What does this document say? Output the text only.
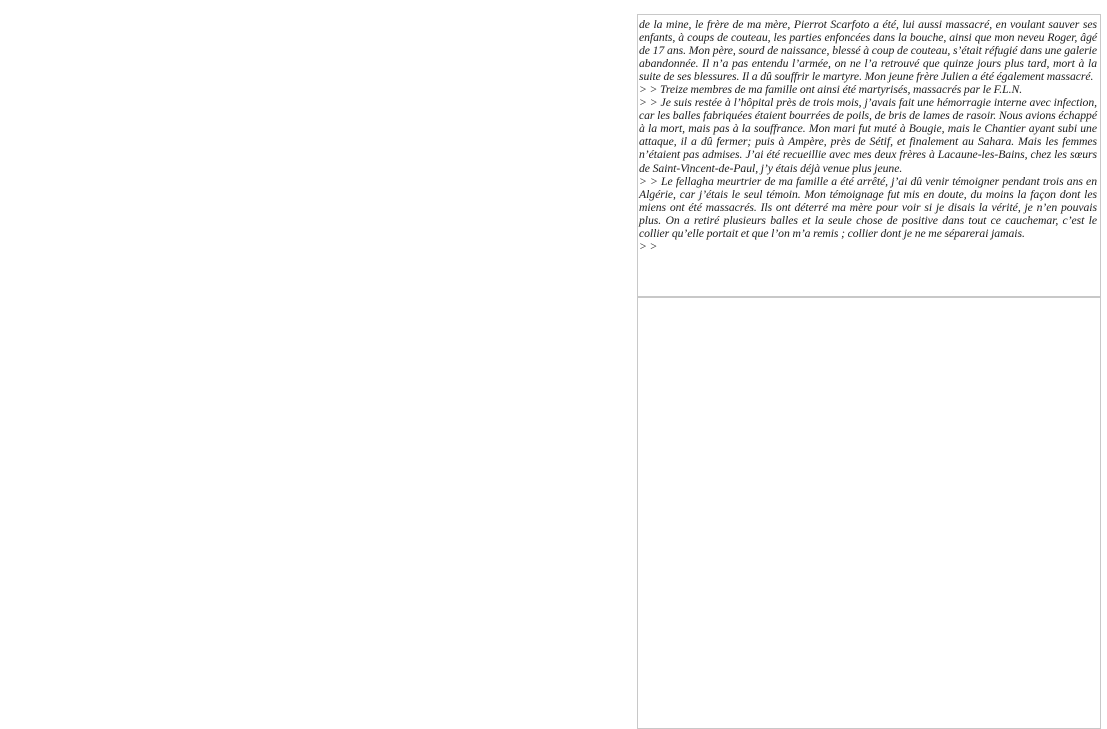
de la mine, le frère de ma mère, Pierrot Scarfoto a été, lui aussi massacré, en voulant sauver ses enfants, à coups de couteau, les parties enfoncées dans la bouche, ainsi que mon neveu Roger, âgé de 17 ans. Mon père, sourd de naissance, blessé à coup de couteau, s’était réfugié dans une galerie abandonnée. Il n’a pas entendu l’armée, on ne l’a retrouvé que quinze jours plus tard, mort à la suite de ses blessures. Il a dû souffrir le martyre. Mon jeune frère Julien a été également massacré.

> > Treize membres de ma famille ont ainsi été martyrisés, massacrés par le F.L.N.

> > Je suis restée à l’hôpital près de trois mois, j’avais fait une hémorragie interne avec infection, car les balles fabriquées étaient bourrées de poils, de bris de lames de rasoir. Nous avions échappé à la mort, mais pas à la souffrance. Mon mari fut muté à Bougie, mais le Chantier ayant subi une attaque, il a dû fermer; puis à Ampère, près de Sétif, et finalement au Sahara. Mais les femmes n’étaient pas admises. J’ai été recueillie avec mes deux frères à Lacaune-les-Bains, chez les sœurs de Saint-Vincent-de-Paul, j’y étais déjà venue plus jeune.

> > Le fellagha meurtrier de ma famille a été arrêté, j’ai dû venir témoigner pendant trois ans en Algérie, car j’étais le seul témoin. Mon témoignage fut mis en doute, du moins la façon dont les miens ont été massacrés. Ils ont déterré ma mère pour voir si je disais la vérité, je n’en pouvais plus. On a retiré plusieurs balles et la seule chose de positive dans tout ce cauchemar, c’est le collier qu’elle portait et que l’on m’a remis ; collier dont je ne me séparerai jamais.

> >
